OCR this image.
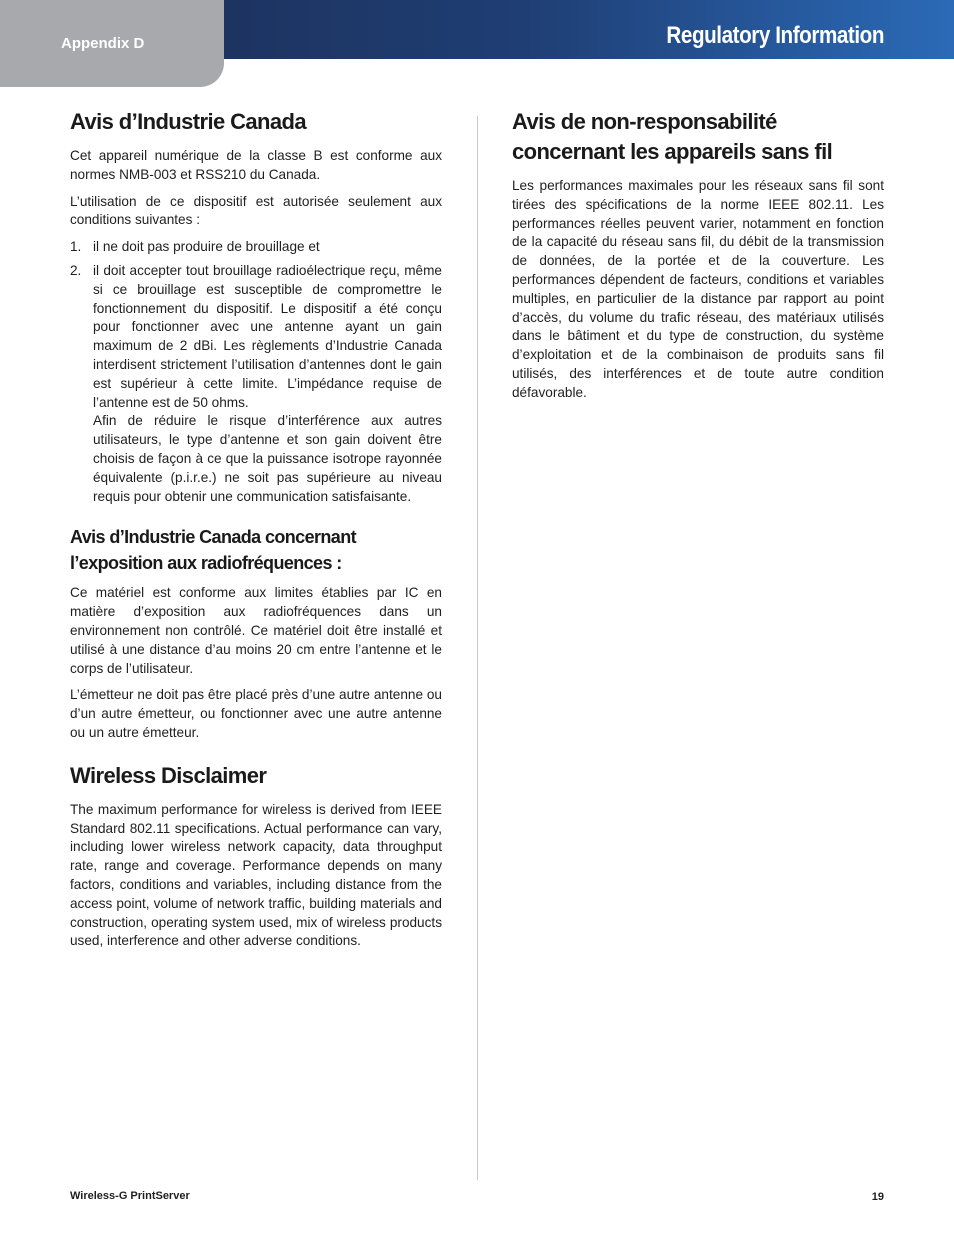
Appendix D	Regulatory Information
Avis d’Industrie Canada

Cet appareil numérique de la classe B est conforme aux normes NMB-003 et RSS210 du Canada.

L’utilisation de ce dispositif est autorisée seulement aux conditions suivantes :

1. il ne doit pas produire de brouillage et
2. il doit accepter tout brouillage radioélectrique reçu, même si ce brouillage est susceptible de compromettre le fonctionnement du dispositif. Le dispositif a été conçu pour fonctionner avec une antenne ayant un gain maximum de 2 dBi. Les règlements d’Industrie Canada interdisent strictement l’utilisation d’antennes dont le gain est supérieur à cette limite. L’impédance requise de l’antenne est de 50 ohms.
Afin de réduire le risque d’interférence aux autres utilisateurs, le type d’antenne et son gain doivent être choisis de façon à ce que la puissance isotrope rayonnée équivalente (p.i.r.e.) ne soit pas supérieure au niveau requis pour obtenir une communication satisfaisante.
Avis d’Industrie Canada concernant l’exposition aux radiofréquences :

Ce matériel est conforme aux limites établies par IC en matière d’exposition aux radiofréquences dans un environnement non contrôlé. Ce matériel doit être installé et utilisé à une distance d’au moins 20 cm entre l’antenne et le corps de l’utilisateur.

L’émetteur ne doit pas être placé près d’une autre antenne ou d’un autre émetteur, ou fonctionner avec une autre antenne ou un autre émetteur.

Wireless Disclaimer

The maximum performance for wireless is derived from IEEE Standard 802.11 specifications. Actual performance can vary, including lower wireless network capacity, data throughput rate, range and coverage. Performance depends on many factors, conditions and variables, including distance from the access point, volume of network traffic, building materials and construction, operating system used, mix of wireless products used, interference and other adverse conditions.

Avis de non-responsabilité concernant les appareils sans fil

Les performances maximales pour les réseaux sans fil sont tirées des spécifications de la norme IEEE 802.11. Les performances réelles peuvent varier, notamment en fonction de la capacité du réseau sans fil, du débit de la transmission de données, de la portée et de la couverture. Les performances dépendent de facteurs, conditions et variables multiples, en particulier de la distance par rapport au point d’accès, du volume du trafic réseau, des matériaux utilisés dans le bâtiment et du type de construction, du système d’exploitation et de la combinaison de produits sans fil utilisés, des interférences et de toute autre condition défavorable.

Wireless-G PrintServer	19
